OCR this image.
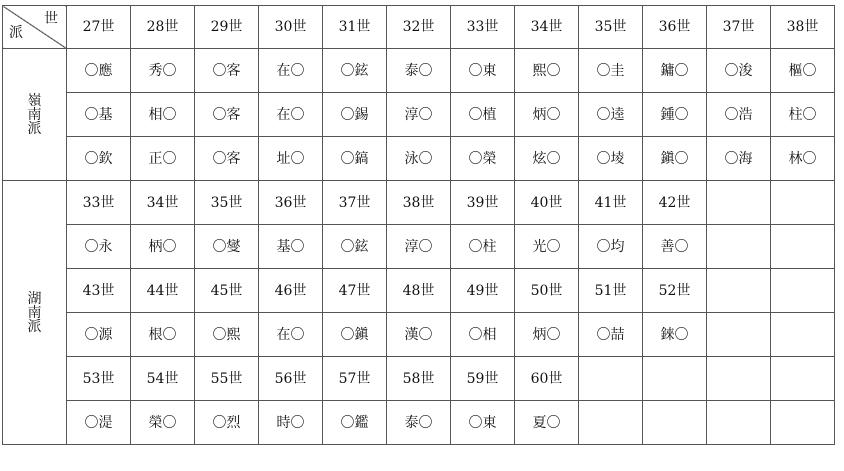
世
派	27世	28世	29世	30世	31世	32世	33世	34世	35世	36世	37世	38世

嶺
南
派	〇應	秀〇	〇客	在〇	〇鉉	泰〇	〇東	熙〇	〇圭	鏞〇	〇浚	樞〇
	〇基	相〇	〇客	在〇	〇錫	淳〇	〇植	炳〇	〇逵	鍾〇	〇浩	柱〇
	〇欽	正〇	〇客	址〇	〇鎬	泳〇	〇榮	炫〇	〇堎	鎭〇	〇海	林〇

湖
南
派	33世	34世	35世	36世	37世	38世	39世	40世	41世	42世		
	〇永	柄〇	〇燮	基〇	〇鉉	淳〇	〇柱	光〇	〇均	善〇		
	43世	44世	45世	46世	47世	48世	49世	50世	51世	52世		
	〇源	根〇	〇熙	在〇	〇鎭	漢〇	〇相	炳〇	〇喆	錸〇		
	53世	54世	55世	56世	57世	58世	59世	60世				
	〇湜	榮〇	〇烈	時〇	〇鑑	泰〇	〇東	夏〇				
